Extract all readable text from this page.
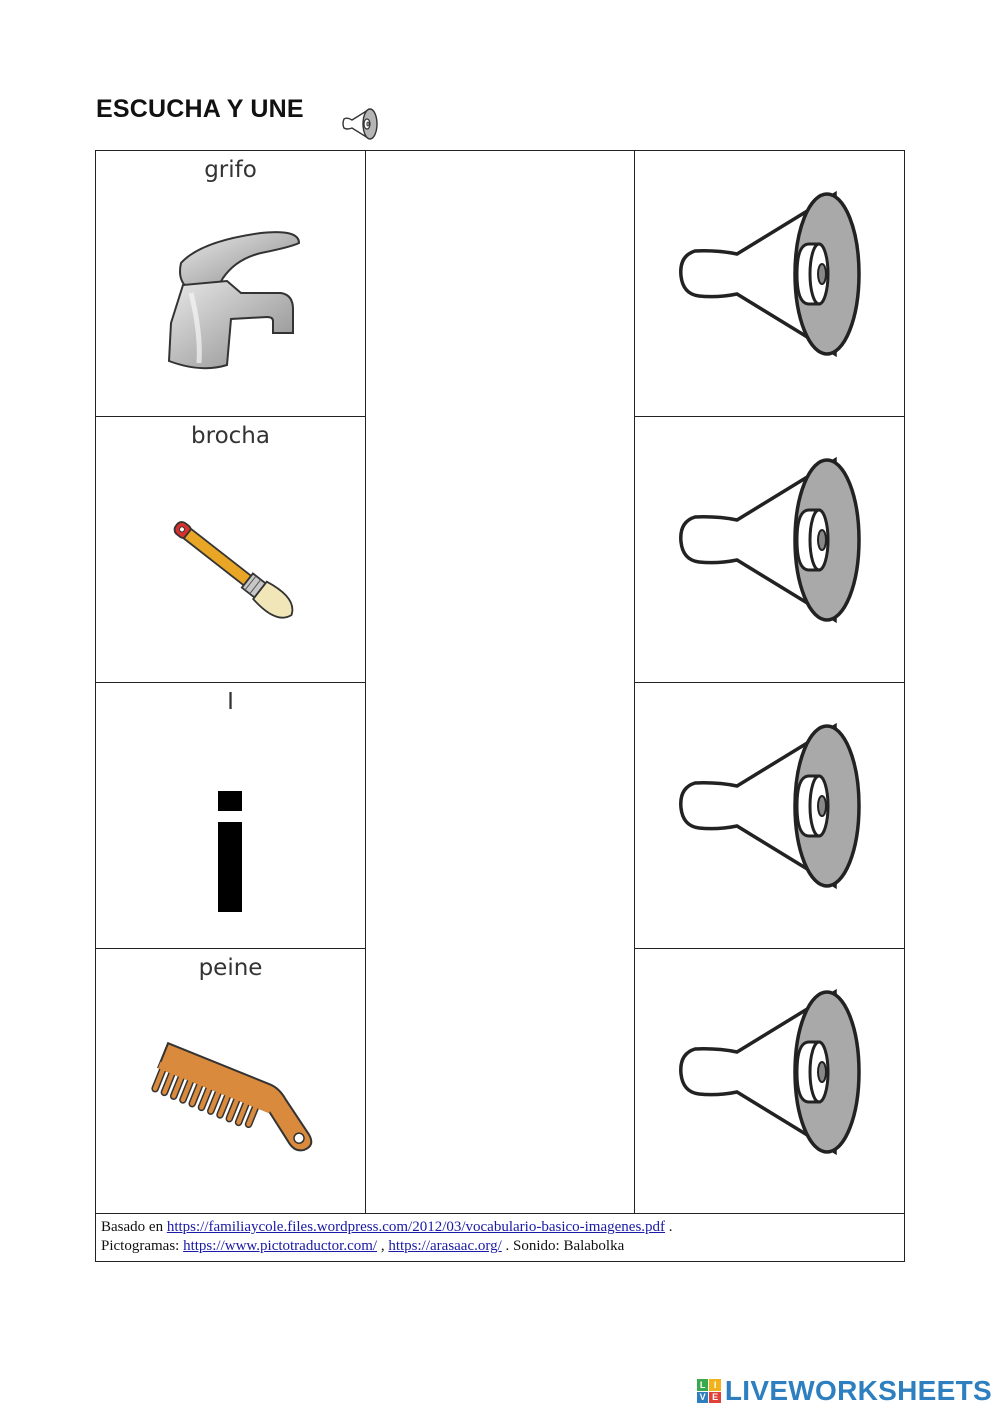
ESCUCHA Y UNE
grifo
brocha
I
peine
Basado en https://familiaycole.files.wordpress.com/2012/03/vocabulario-basico-imagenes.pdf .
Pictogramas: https://www.pictotraductor.com/ , https://arasaac.org/ . Sonido: Balabolka
L I
V E LIVEWORKSHEETS
